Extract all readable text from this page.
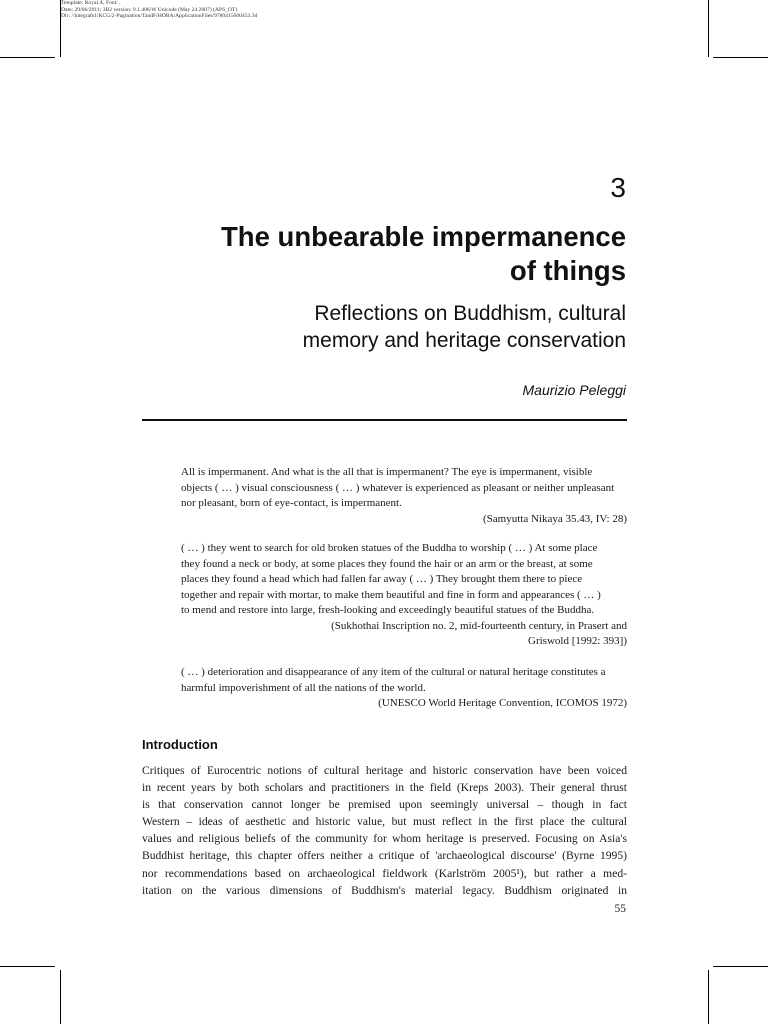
Template: Royal A, Font: ,
Date: 29/06/2011; 3B2 version: 9.1.406/W Unicode (May 24 2007) (APS_OT)
Dir: //integrafs1/KCG/2-Pagination/TandF/HOBA/ApplicationFiles/9780415600453.3d
3
The unbearable impermanence
of things
Reflections on Buddhism, cultural
memory and heritage conservation
Maurizio Peleggi
All is impermanent. And what is the all that is impermanent? The eye is impermanent, visible
objects ( … ) visual consciousness ( … ) whatever is experienced as pleasant or neither unpleasant
nor pleasant, born of eye-contact, is impermanent.
(Samyutta Nikaya 35.43, IV: 28)
( … ) they went to search for old broken statues of the Buddha to worship ( … ) At some place
they found a neck or body, at some places they found the hair or an arm or the breast, at some
places they found a head which had fallen far away ( … ) They brought them there to piece
together and repair with mortar, to make them beautiful and fine in form and appearances ( … )
to mend and restore into large, fresh-looking and exceedingly beautiful statues of the Buddha.
(Sukhothai Inscription no. 2, mid-fourteenth century, in Prasert and
Griswold [1992: 393])
( … ) deterioration and disappearance of any item of the cultural or natural heritage constitutes a
harmful impoverishment of all the nations of the world.
(UNESCO World Heritage Convention, ICOMOS 1972)
Introduction
Critiques of Eurocentric notions of cultural heritage and historic conservation have been voiced
in recent years by both scholars and practitioners in the field (Kreps 2003). Their general thrust
is that conservation cannot longer be premised upon seemingly universal – though in fact
Western – ideas of aesthetic and historic value, but must reflect in the first place the cultural
values and religious beliefs of the community for whom heritage is preserved. Focusing on Asia's
Buddhist heritage, this chapter offers neither a critique of 'archaeological discourse' (Byrne 1995)
nor recommendations based on archaeological fieldwork (Karlström 2005¹), but rather a med-
itation on the various dimensions of Buddhism's material legacy. Buddhism originated in
55
